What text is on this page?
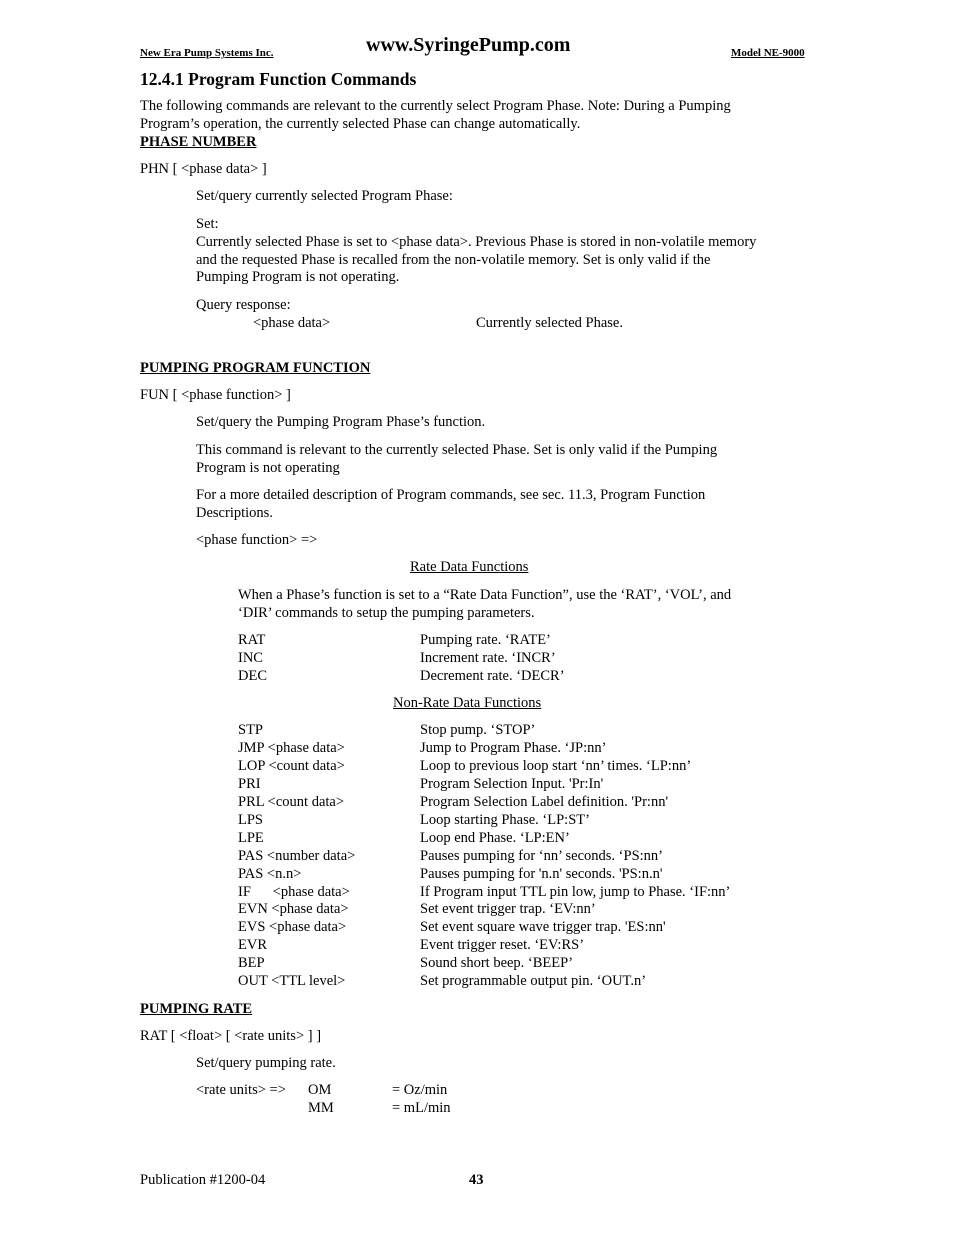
New Era Pump Systems Inc.	www.SyringePump.com	Model NE-9000
12.4.1 Program Function Commands
The following commands are relevant to the currently select Program Phase. Note: During a Pumping
Program’s operation, the currently selected Phase can change automatically.
PHASE NUMBER
PHN [ <phase data> ]
Set/query currently selected Program Phase:
Set:
Currently selected Phase is set to <phase data>. Previous Phase is stored in non-volatile memory
and the requested Phase is recalled from the non-volatile memory. Set is only valid if the
Pumping Program is not operating.
Query response:
<phase data>	Currently selected Phase.
PUMPING PROGRAM FUNCTION
FUN [ <phase function> ]
Set/query the Pumping Program Phase’s function.
This command is relevant to the currently selected Phase. Set is only valid if the Pumping
Program is not operating
For a more detailed description of Program commands, see sec. 11.3, Program Function
Descriptions.
<phase function> =>
Rate Data Functions
When a Phase’s function is set to a “Rate Data Function”, use the ‘RAT’, ‘VOL’, and
‘DIR’ commands to setup the pumping parameters.
RAT	Pumping rate. ‘RATE’
INC	Increment rate. ‘INCR’
DEC	Decrement rate. ‘DECR’
Non-Rate Data Functions
STP	Stop pump. ‘STOP’
JMP <phase data>	Jump to Program Phase. ‘JP:nn’
LOP <count data>	Loop to previous loop start ‘nn’ times. ‘LP:nn’
PRI	Program Selection Input. 'Pr:In'
PRL <count data>	Program Selection Label definition. 'Pr:nn'
LPS	Loop starting Phase. ‘LP:ST’
LPE	Loop end Phase. ‘LP:EN’
PAS <number data>	Pauses pumping for ‘nn’ seconds. ‘PS:nn’
PAS <n.n>	Pauses pumping for 'n.n' seconds. 'PS:n.n'
IF      <phase data>	If Program input TTL pin low, jump to Phase. ‘IF:nn’
EVN <phase data>	Set event trigger trap. ‘EV:nn’
EVS <phase data>	Set event square wave trigger trap. 'ES:nn'
EVR	Event trigger reset. ‘EV:RS’
BEP	Sound short beep. ‘BEEP’
OUT <TTL level>	Set programmable output pin. ‘OUT.n’
PUMPING RATE
RAT [ <float> [ <rate units> ] ]
Set/query pumping rate.
<rate units> => OM	= Oz/min
MM	= mL/min
Publication #1200-04	43
